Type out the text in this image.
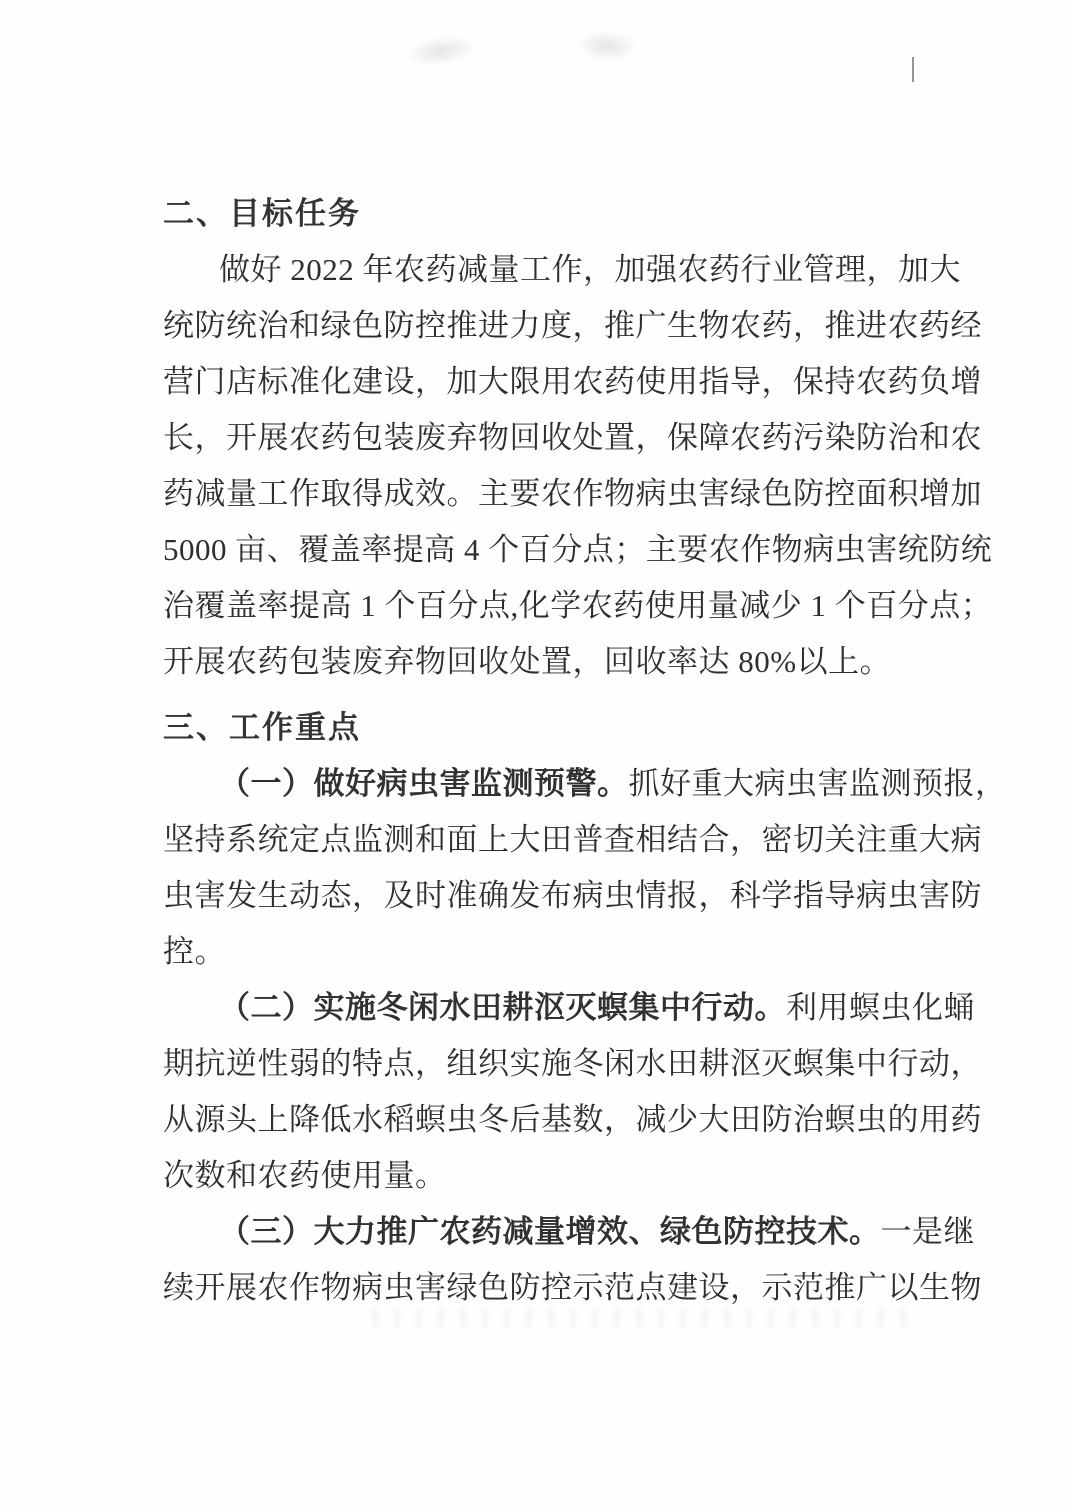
二、目标任务
做好 2022 年农药减量工作，加强农药行业管理，加大
统防统治和绿色防控推进力度，推广生物农药，推进农药经
营门店标准化建设，加大限用农药使用指导，保持农药负增
长，开展农药包装废弃物回收处置，保障农药污染防治和农
药减量工作取得成效。主要农作物病虫害绿色防控面积增加
5000 亩、覆盖率提高 4 个百分点；主要农作物病虫害统防统
治覆盖率提高 1 个百分点,化学农药使用量减少 1 个百分点；
开展农药包装废弃物回收处置，回收率达 80%以上。
三、工作重点
（一）做好病虫害监测预警。抓好重大病虫害监测预报，
坚持系统定点监测和面上大田普查相结合，密切关注重大病
虫害发生动态，及时准确发布病虫情报，科学指导病虫害防
控。
（二）实施冬闲水田耕沤灭螟集中行动。利用螟虫化蛹
期抗逆性弱的特点，组织实施冬闲水田耕沤灭螟集中行动，
从源头上降低水稻螟虫冬后基数，减少大田防治螟虫的用药
次数和农药使用量。
（三）大力推广农药减量增效、绿色防控技术。一是继
续开展农作物病虫害绿色防控示范点建设，示范推广以生物
